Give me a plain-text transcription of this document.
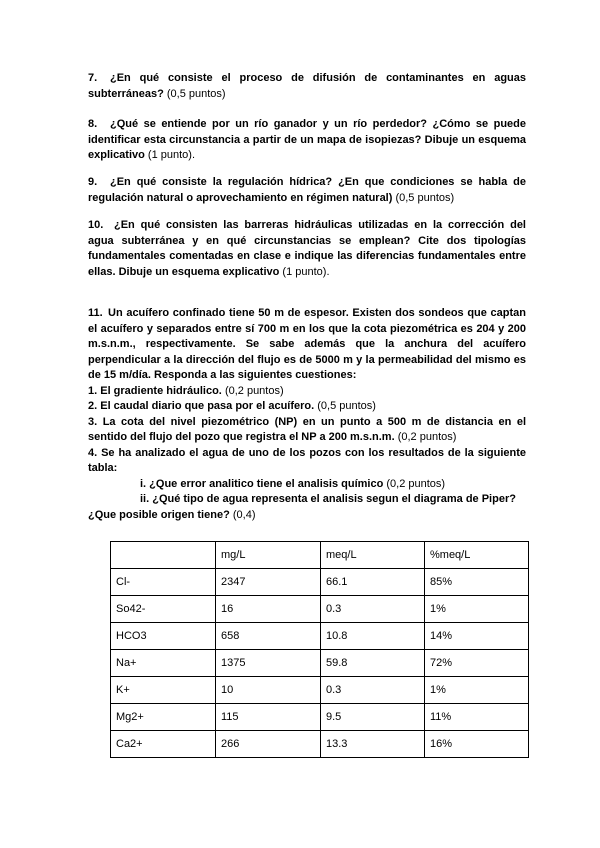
7. ¿En qué consiste el proceso de difusión de contaminantes en aguas subterráneas? (0,5 puntos)
8. ¿Qué se entiende por un río ganador y un río perdedor? ¿Cómo se puede identificar esta circunstancia a partir de un mapa de isopiezas? Dibuje un esquema explicativo (1 punto).
9. ¿En qué consiste la regulación hídrica? ¿En que condiciones se habla de regulación natural o aprovechamiento en régimen natural) (0,5 puntos)
10. ¿En qué consisten las barreras hidráulicas utilizadas en la corrección del agua subterránea y en qué circunstancias se emplean? Cite dos tipologías fundamentales comentadas en clase e indique las diferencias fundamentales entre ellas. Dibuje un esquema explicativo (1 punto).
11. Un acuífero confinado tiene 50 m de espesor. Existen dos sondeos que captan el acuífero y separados entre sí 700 m en los que la cota piezométrica es 204 y 200 m.s.n.m., respectivamente. Se sabe además que la anchura del acuífero perpendicular a la dirección del flujo es de 5000 m y la permeabilidad del mismo es de 15 m/día. Responda a las siguientes cuestiones:
1. El gradiente hidráulico. (0,2 puntos)
2. El caudal diario que pasa por el acuífero. (0,5 puntos)
3. La cota del nivel piezométrico (NP) en un punto a 500 m de distancia en el sentido del flujo del pozo que registra el NP a 200 m.s.n.m. (0,2 puntos)
4. Se ha analizado el agua de uno de los pozos con los resultados de la siguiente tabla:
i. ¿Que error analitico tiene el analisis químico (0,2 puntos)
ii. ¿Qué tipo de agua representa el analisis segun el diagrama de Piper?
¿Que posible origen tiene? (0,4)
	mg/L	meq/L	%meq/L
Cl-	2347	66.1	85%
So42-	16	0.3	1%
HCO3	658	10.8	14%
Na+	1375	59.8	72%
K+	10	0.3	1%
Mg2+	115	9.5	11%
Ca2+	266	13.3	16%
